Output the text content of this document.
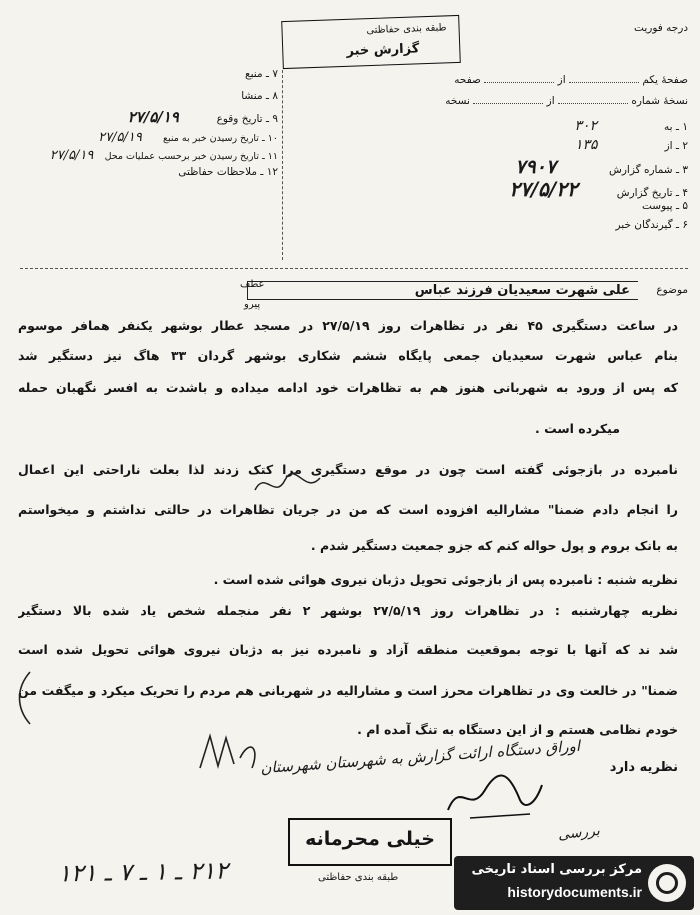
درجه فوریت
طبقه بندی حفاظتی
گزارش خبر
صفحهٔ یکم  از  صفحه
نسخهٔ شماره  از  نسخه
۱ ـ به ۳۰۲
۲ ـ از ۱۳۵
۳ ـ شماره گزارش ۷۹۰۷
۴ ـ تاریخ گزارش ۲۷/۵/۲۲
۵ ـ پیوست
۶ ـ گیرندگان خبر
۷ ـ منبع
۸ ـ منشا
۹ ـ تاریخ وقوع ۲۷/۵/۱۹
۱۰ ـ تاریخ رسیدن خبر به منبع ۲۷/۵/۱۹
۱۱ ـ تاریخ رسیدن خبر برحسب عملیات محل ۲۷/۵/۱۹
۱۲ ـ ملاحظات حفاظتی
موضوع
علی شهرت سعیدیان فرزند عباس
عطف
پیرو
در ساعت دستگیری ۴۵ نفر در تظاهرات روز ۲۷/۵/۱۹ در مسجد عطار بوشهر یکنفر همافر موسوم
بنام عباس شهرت سعیدیان جمعی پایگاه ششم شکاری بوشهر گردان ۳۳ هاگ نیز دستگیر شد
که پس از ورود به شهربانی هنوز هم به تظاهرات خود ادامه میداده و باشدت به افسر نگهبان حمله
میکرده است .
نامبرده در بازجوئی گفته است چون در موقع دستگیری مرا کتک زدند لذا بعلت ناراحتی این اعمال
را انجام دادم ضمنا" مشارالیه افزوده است که من در جریان تظاهرات در حالتی نداشتم و میخواستم
به بانک بروم و پول حواله کنم که جزو جمعیت دستگیر شدم .
نظریه شنبه : نامبرده پس از بازجوئی تحویل دژبان نیروی هوائی شده است .
نظریه چهارشنبه : در تظاهرات روز ۲۷/۵/۱۹ بوشهر ۲ نفر منجمله شخص یاد شده بالا دستگیر
شد ند که آنها با توجه بموقعیت منطقه آزاد و نامبرده نیز به دژبان نیروی هوائی تحویل شده است
ضمنا" در خالعت وی در تظاهرات محرز است و مشارالیه در شهربانی هم مردم را تحریک میکرد و میگفت من
خودم نظامی هستم و از این دستگاه به تنگ آمده ام .
نظریه دارد
اوراق دستگاه ارائت گزارش به شهرستان شهرستان
بررسی
خیلی محرمانه
طبقه بندی حفاظتی
۲۱۲ ـ ۱ ـ ۷ ـ ۱۲۱	مرکز بررسی اسناد تاریخی
historydocuments.ir
